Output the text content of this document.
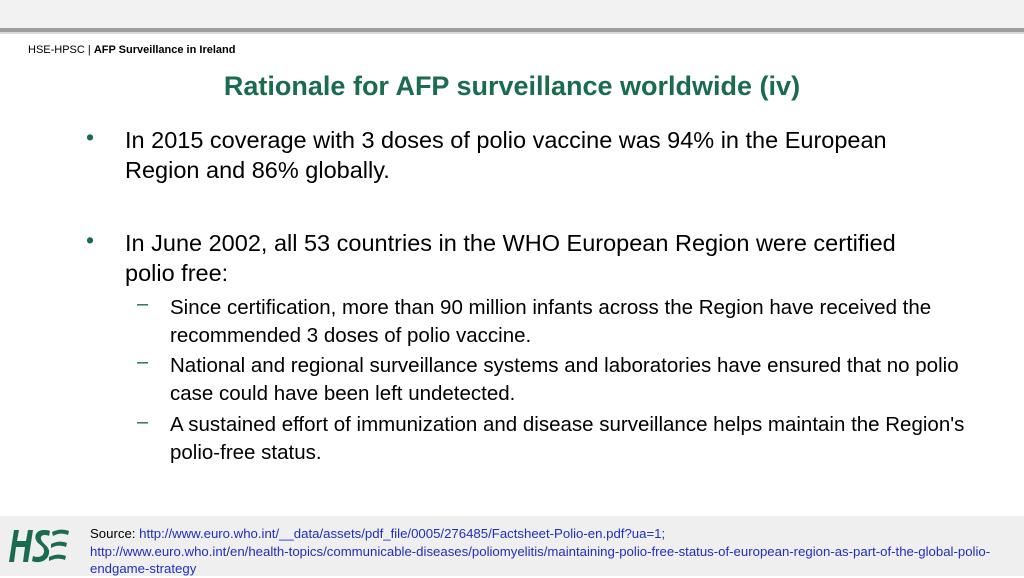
HSE-HPSC | AFP Surveillance in Ireland
Rationale for AFP surveillance worldwide (iv)
• In 2015 coverage with 3 doses of polio vaccine was 94% in the European Region and 86% globally.
• In June 2002, all 53 countries in the WHO European Region were certified polio free:
– Since certification, more than 90 million infants across the Region have received the recommended 3 doses of polio vaccine.
– National and regional surveillance systems and laboratories have ensured that no polio case could have been left undetected.
– A sustained effort of immunization and disease surveillance helps maintain the Region's polio-free status.
Source: http://www.euro.who.int/__data/assets/pdf_file/0005/276485/Factsheet-Polio-en.pdf?ua=1;
http://www.euro.who.int/en/health-topics/communicable-diseases/poliomyelitis/maintaining-polio-free-status-of-european-region-as-part-of-the-global-polio-endgame-strategy
